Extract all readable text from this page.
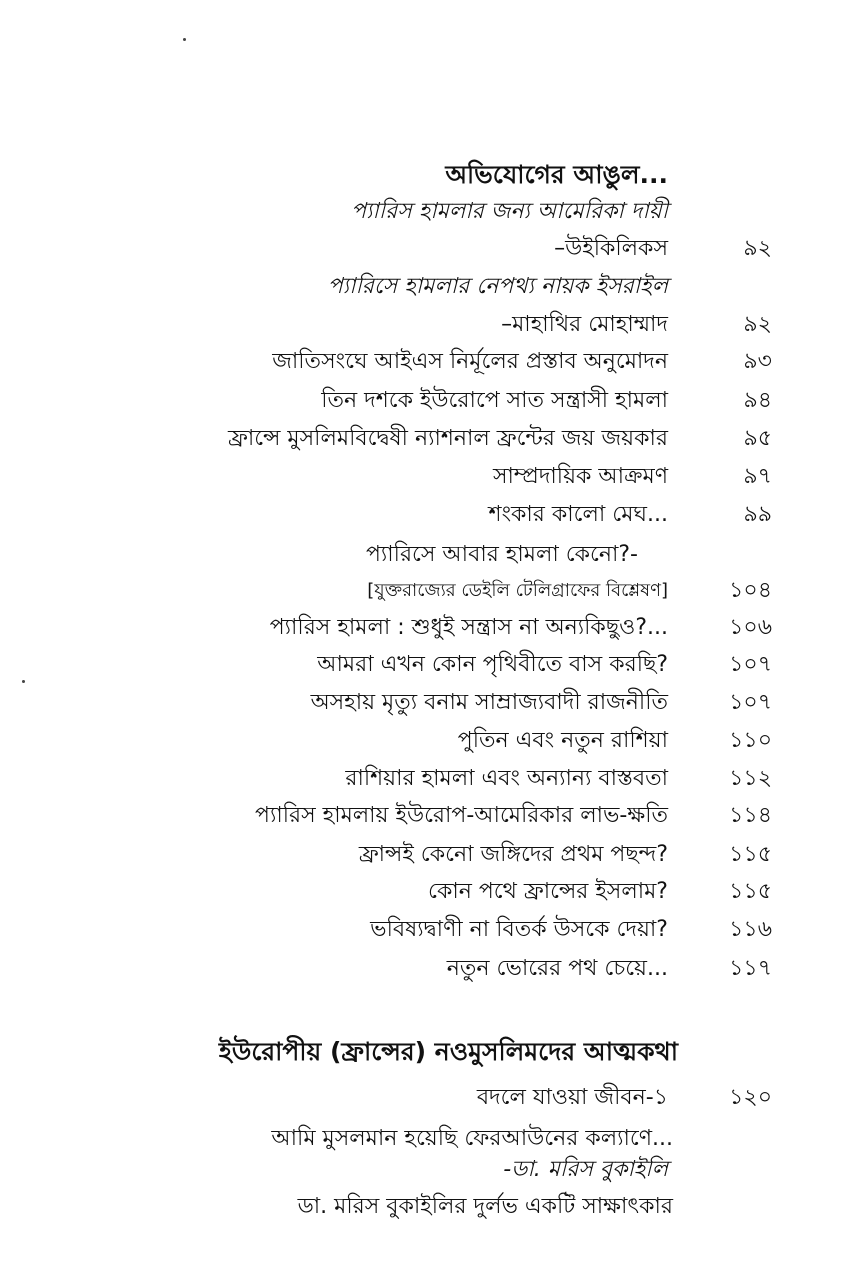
অভিযোগের আঙুল...
প্যারিস হামলার জন্য আমেরিকা দায়ী
–উইকিলিকস	৯২
প্যারিসে হামলার নেপথ্য নায়ক ইসরাইল
–মাহাথির মোহাম্মাদ	৯২
জাতিসংঘে আইএস নির্মূলের প্রস্তাব অনুমোদন	৯৩
তিন দশকে ইউরোপে সাত সন্ত্রাসী হামলা	৯৪
ফ্রান্সে মুসলিমবিদ্বেষী ন্যাশনাল ফ্রন্টের জয় জয়কার	৯৫
সাম্প্রদায়িক আক্রমণ	৯৭
শংকার কালো মেঘ...	৯৯
প্যারিসে আবার হামলা কেনো?-
[যুক্তরাজ্যের ডেইলি টেলিগ্রাফের বিশ্লেষণ]	১০৪
প্যারিস হামলা : শুধুই সন্ত্রাস না অন্যকিছুও?...	১০৬
আমরা এখন কোন পৃথিবীতে বাস করছি?	১০৭
অসহায় মৃত্যু বনাম সাম্রাজ্যবাদী রাজনীতি	১০৭
পুতিন এবং নতুন রাশিয়া	১১০
রাশিয়ার হামলা এবং অন্যান্য বাস্তবতা	১১২
প্যারিস হামলায় ইউরোপ-আমেরিকার লাভ-ক্ষতি	১১৪
ফ্রান্সই কেনো জঙ্গিদের প্রথম পছন্দ?	১১৫
কোন পথে ফ্রান্সের ইসলাম?	১১৫
ভবিষ্যদ্বাণী না বিতর্ক উসকে দেয়া?	১১৬
নতুন ভোরের পথ চেয়ে...	১১৭
ইউরোপীয় (ফ্রান্সের) নওমুসলিমদের আত্মকথা
বদলে যাওয়া জীবন-১	১২০
আমি মুসলমান হয়েছি ফেরআউনের কল্যাণে...
-ডা. মরিস বুকাইলি
ডা. মরিস বুকাইলির দুর্লভ একটি সাক্ষাৎকার
